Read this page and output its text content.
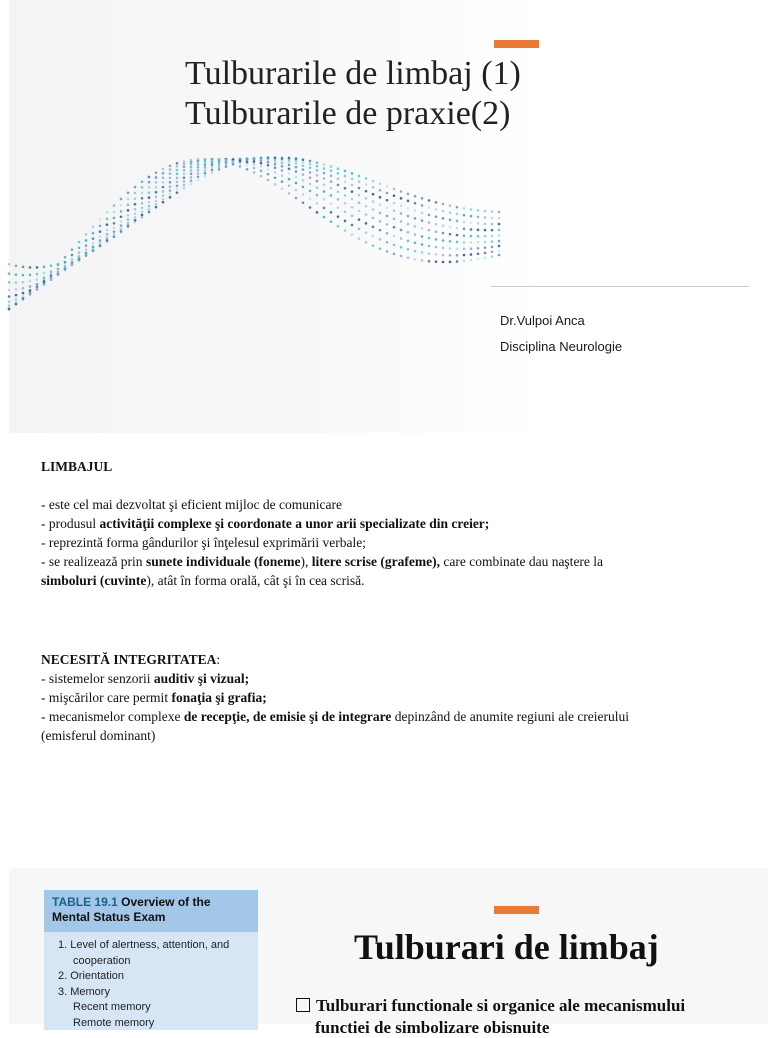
Tulburarile de limbaj (1)
Tulburarile de praxie(2)
Dr.Vulpoi Anca
Disciplina Neurologie
LIMBAJUL
- este cel mai dezvoltat şi eficient mijloc de comunicare
- produsul activităţii complexe şi coordonate a unor arii specializate din creier;
- reprezintă forma gândurilor şi înţelesul exprimării verbale;
- se realizează prin sunete individuale (foneme), litere scrise (grafeme), care combinate dau naştere la
simboluri (cuvinte), atât în forma orală, cât şi în cea scrisă.
NECESITĂ INTEGRITATEA:
- sistemelor senzorii auditiv şi vizual;
- mişcărilor care permit fonaţia şi grafia;
- mecanismelor complexe de recepţie, de emisie şi de integrare depinzând de anumite regiuni ale creierului
(emisferul dominant)
TABLE 19.1 Overview of the
Mental Status Exam
1. Level of alertness, attention, and
cooperation
2. Orientation
3. Memory
Recent memory
Remote memory
Tulburari de limbaj
Tulburari functionale si organice ale mecanismului
functiei de simbolizare obisnuite
